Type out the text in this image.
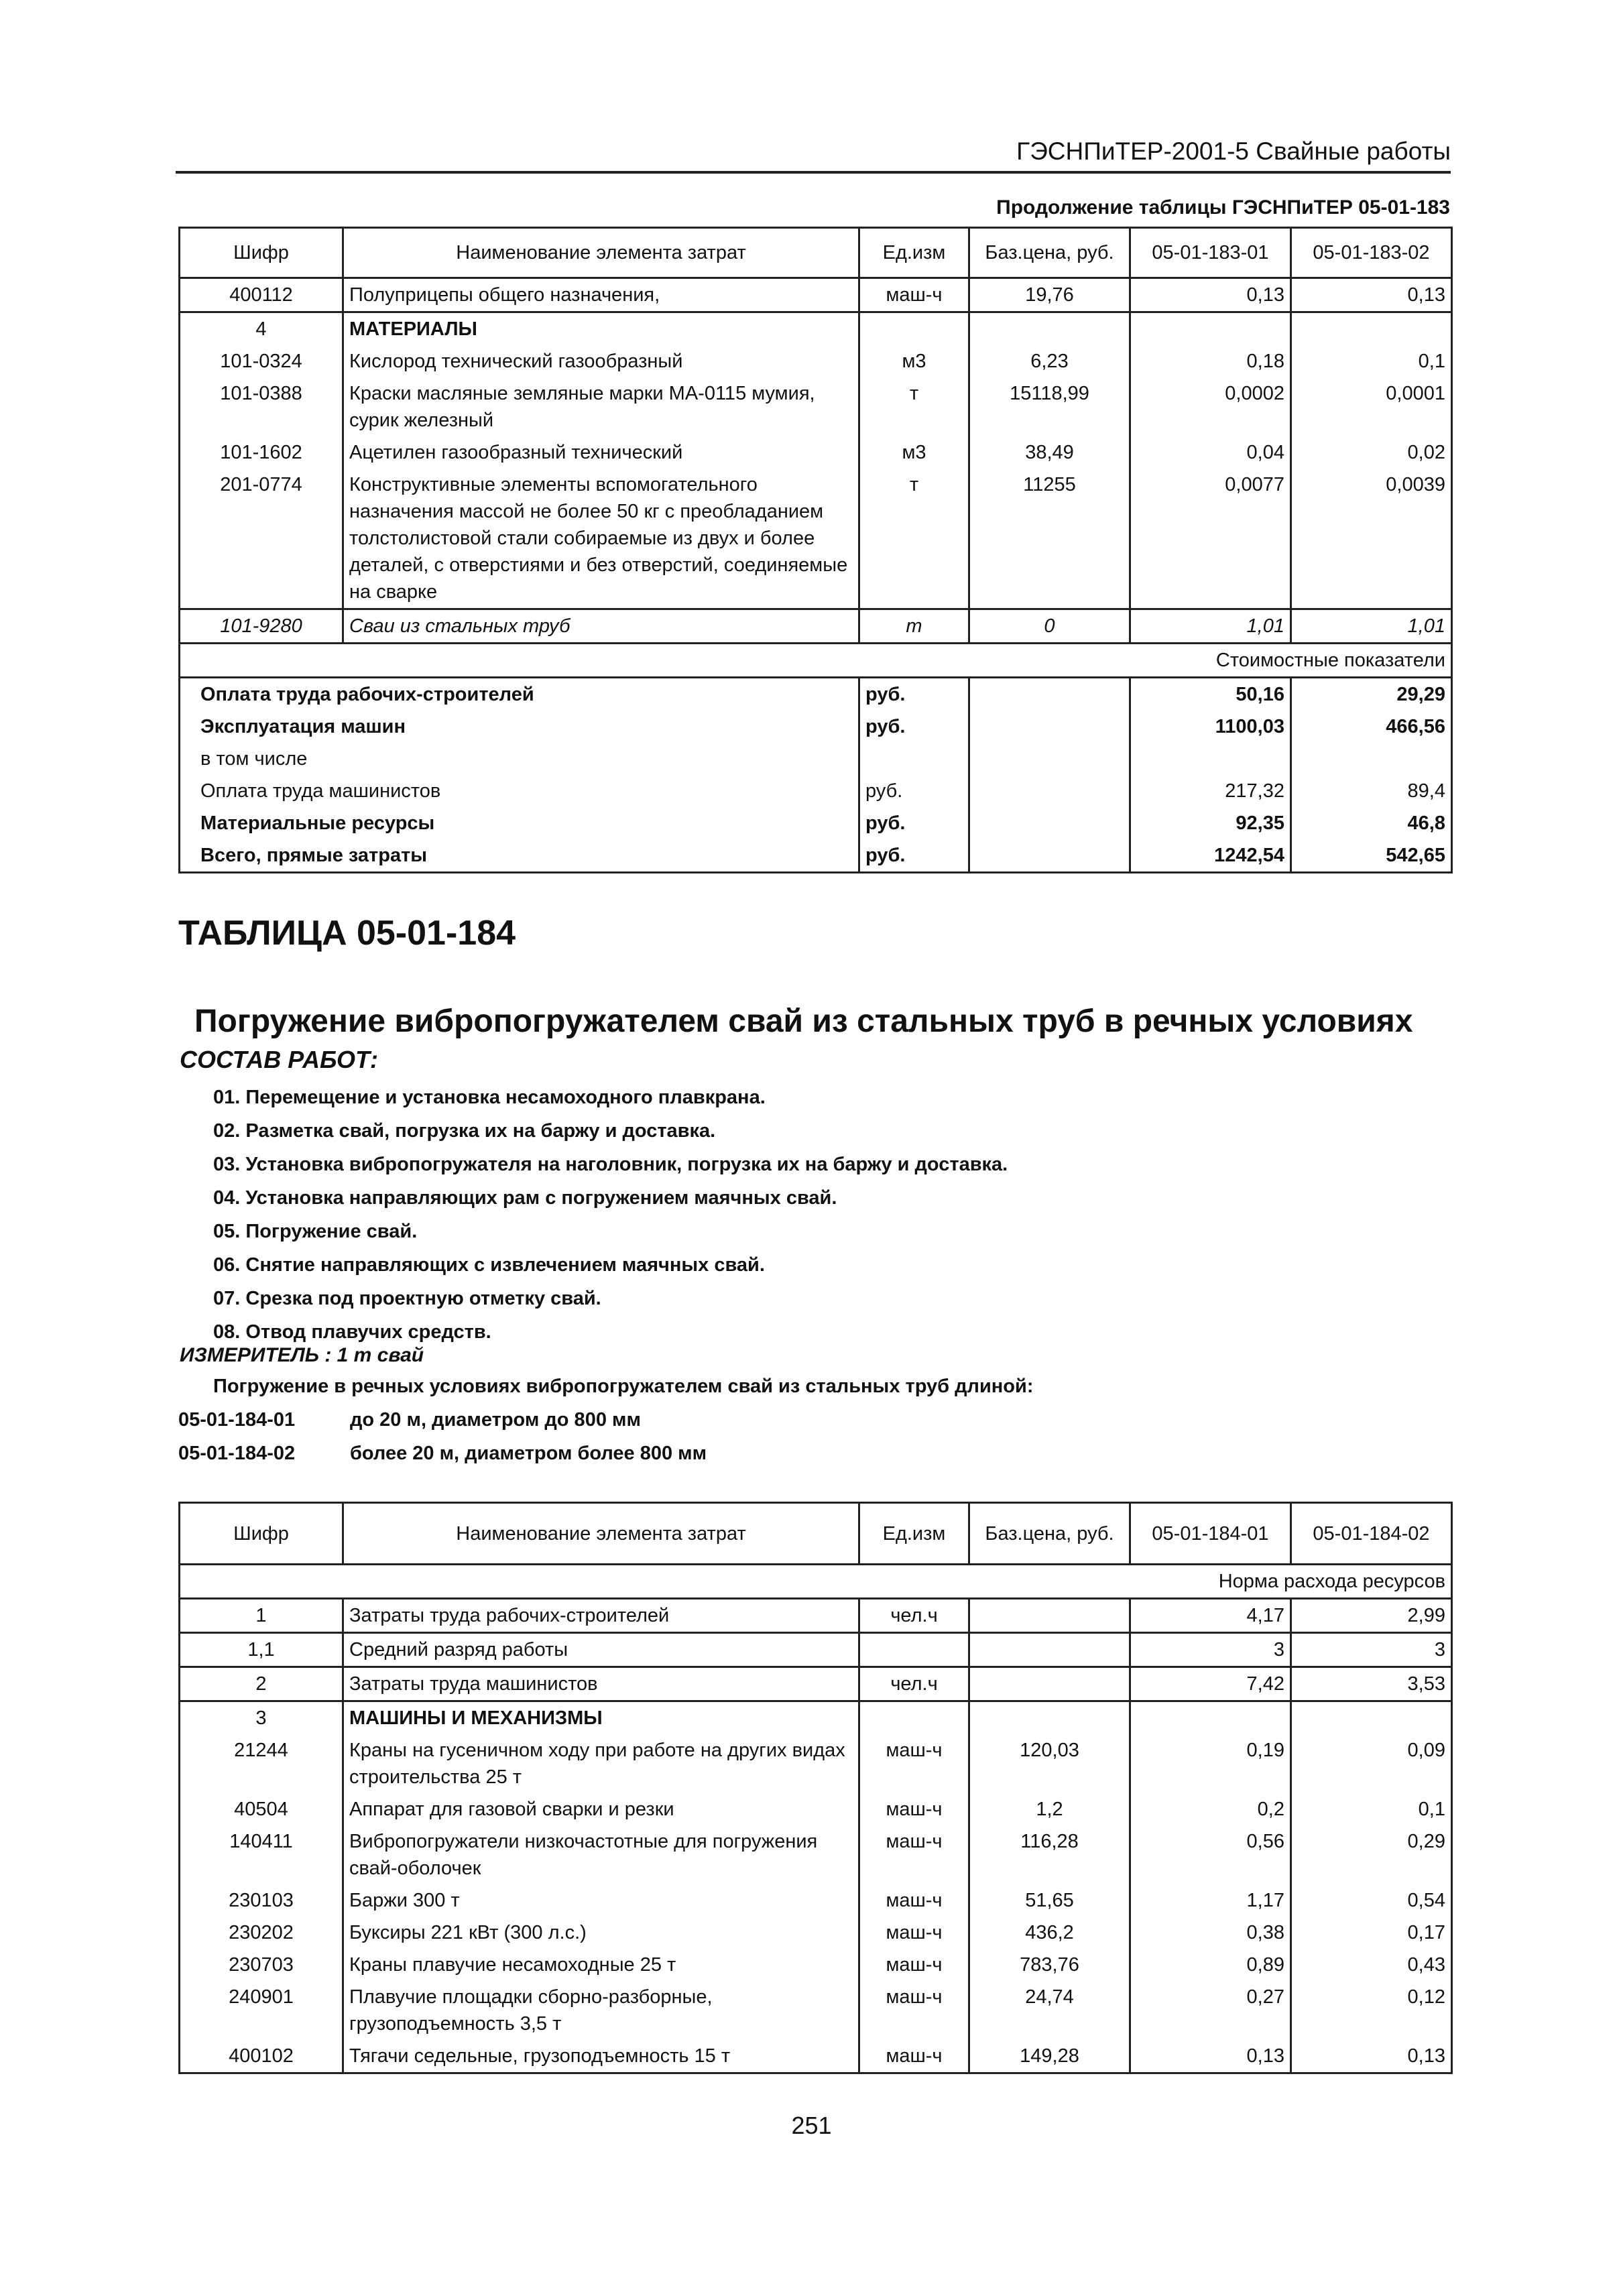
ГЭСНПиТЕР-2001-5 Свайные работы
Продолжение таблицы ГЭСНПиТЕР 05-01-183
Шифр	Наименование элемента затрат	Ед.изм	Баз.цена, руб.	05-01-183-01	05-01-183-02
400112	Полуприцепы общего назначения,	маш-ч	19,76	0,13	0,13
4	МАТЕРИАЛЫ				
101-0324	Кислород технический газообразный	м3	6,23	0,18	0,1
101-0388	Краски масляные земляные марки МА-0115 мумия, сурик железный	т	15118,99	0,0002	0,0001
101-1602	Ацетилен газообразный технический	м3	38,49	0,04	0,02
201-0774	Конструктивные элементы вспомогательного назначения массой не более 50 кг с преобладанием толстолистовой стали собираемые из двух и более деталей, с отверстиями и без отверстий, соединяемые на сварке	т	11255	0,0077	0,0039
101-9280	Сваи из стальных труб	m	0	1,01	1,01
Стоимостные показатели					
Оплата труда рабочих-строителей		руб.		50,16	29,29
Эксплуатация машин		руб.		1100,03	466,56
в том числе					
Оплата труда машинистов		руб.		217,32	89,4
Материальные ресурсы		руб.		92,35	46,8
Всего, прямые затраты		руб.		1242,54	542,65
ТАБЛИЦА 05-01-184
Погружение вибропогружателем свай из стальных труб в речных условиях
СОСТАВ РАБОТ:
01. Перемещение и установка несамоходного плавкрана.
02. Разметка свай, погрузка их на баржу и доставка.
03. Установка вибропогружателя на наголовник, погрузка их на баржу и доставка.
04. Установка направляющих рам с погружением маячных свай.
05. Погружение свай.
06. Снятие направляющих с извлечением маячных свай.
07. Срезка под проектную отметку свай.
08. Отвод плавучих средств.
ИЗМЕРИТЕЛЬ : 1 т свай
Погружение в речных условиях вибропогружателем свай из стальных труб длиной:
05-01-184-01	до 20 м, диаметром до 800 мм
05-01-184-02	более 20 м, диаметром более 800 мм
Шифр	Наименование элемента затрат	Ед.изм	Баз.цена, руб.	05-01-184-01	05-01-184-02
Норма расхода ресурсов					
1	Затраты труда рабочих-строителей	чел.ч		4,17	2,99
1,1	Средний разряд работы			3	3
2	Затраты труда машинистов	чел.ч		7,42	3,53
3	МАШИНЫ И МЕХАНИЗМЫ				
21244	Краны на гусеничном ходу при работе на других видах строительства 25 т	маш-ч	120,03	0,19	0,09
40504	Аппарат для газовой сварки и резки	маш-ч	1,2	0,2	0,1
140411	Вибропогружатели низкочастотные для погружения свай-оболочек	маш-ч	116,28	0,56	0,29
230103	Баржи 300 т	маш-ч	51,65	1,17	0,54
230202	Буксиры 221 кВт (300 л.с.)	маш-ч	436,2	0,38	0,17
230703	Краны плавучие несамоходные 25 т	маш-ч	783,76	0,89	0,43
240901	Плавучие площадки сборно-разборные, грузоподъемность 3,5 т	маш-ч	24,74	0,27	0,12
400102	Тягачи седельные, грузоподъемность 15 т	маш-ч	149,28	0,13	0,13
251
